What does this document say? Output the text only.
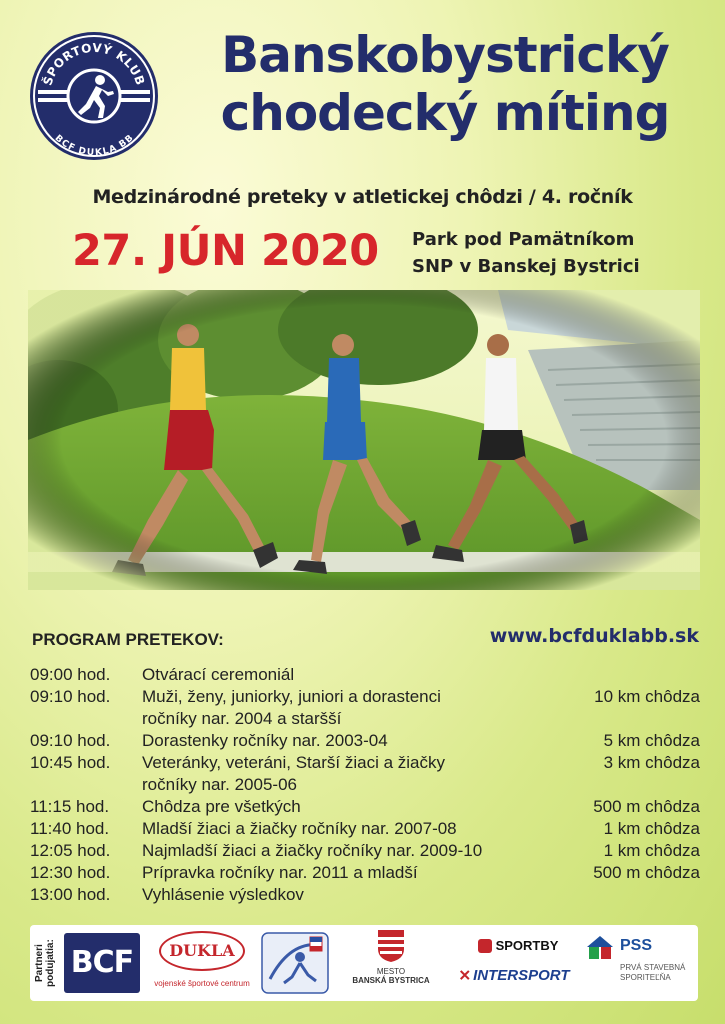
ŠPORTOVÝ KLUB
BCF DUKLA BB
Banskobystrický
chodecký míting
Medzinárodné preteky v atletickej chôdzi / 4. ročník
27. JÚN 2020 Park pod Pamätníkom
SNP v Banskej Bystrici
PROGRAM PRETEKOV:	www.bcfduklabb.sk
09:00 hod.	Otvárací ceremoniál
09:10 hod.	Muži, ženy, juniorky, juniori a dorastenci	10 km chôdza
ročníky nar. 2004 a staršší
09:10 hod.	Dorastenky ročníky nar. 2003-04	5 km chôdza
10:45 hod.	Veteránky, veteráni, Starší žiaci a žiačky	3 km chôdza
ročníky nar. 2005-06
11:15 hod.	Chôdza pre všetkých	500 m chôdza
11:40 hod.	Mladší žiaci a žiačky ročníky nar. 2007-08	1 km chôdza
12:05 hod.	Najmladší žiaci a žiačky ročníky nar. 2009-10	1 km chôdza
12:30 hod.	Prípravka ročníky nar. 2011 a mladší	500 m chôdza
13:00 hod.	Vyhlásenie výsledkov
Partneri podujatia: BCF	DUKLA
vojenské športové centrum
MESTO
BANSKÁ BYSTRICA
SPORTBY
✕ INTERSPORT
PSS
PRVÁ STAVEBNÁ
SPORITEĽŇA
